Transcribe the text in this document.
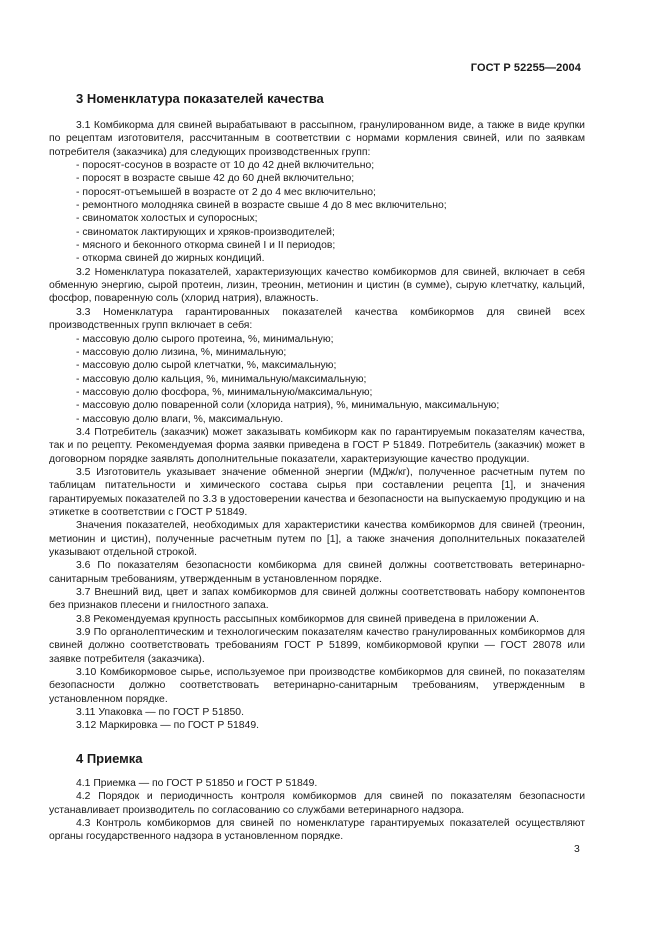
ГОСТ Р 52255—2004
3 Номенклатура показателей качества

3.1 Комбикорма для свиней вырабатывают в рассыпном, гранулированном виде, а также в виде крупки по рецептам изготовителя, рассчитанным в соответствии с нормами кормления свиней, или по заявкам потребителя (заказчика) для следующих производственных групп:

- поросят-сосунов в возрасте от 10 до 42 дней включительно;

- поросят в возрасте свыше 42 до 60 дней включительно;

- поросят-отъемышей в возрасте от 2 до 4 мес включительно;

- ремонтного молодняка свиней в возрасте свыше 4 до 8 мес включительно;

- свиноматок холостых и супоросных;

- свиноматок лактирующих и хряков-производителей;

- мясного и беконного откорма свиней I и II периодов;

- откорма свиней до жирных кондиций.

3.2 Номенклатура показателей, характеризующих качество комбикормов для свиней, включает в себя обменную энергию, сырой протеин, лизин, треонин, метионин и цистин (в сумме), сырую клетчатку, кальций, фосфор, поваренную соль (хлорид натрия), влажность.

3.3 Номенклатура гарантированных показателей качества комбикормов для свиней всех производственных групп включает в себя:

- массовую долю сырого протеина, %, минимальную;

- массовую долю лизина, %, минимальную;

- массовую долю сырой клетчатки, %, максимальную;

- массовую долю кальция, %, минимальную/максимальную;

- массовую долю фосфора, %, минимальную/максимальную;

- массовую долю поваренной соли (хлорида натрия), %, минимальную, максимальную;

- массовую долю влаги, %, максимальную.

3.4 Потребитель (заказчик) может заказывать комбикорм как по гарантируемым показателям качества, так и по рецепту. Рекомендуемая форма заявки приведена в ГОСТ Р 51849. Потребитель (заказчик) может в договорном порядке заявлять дополнительные показатели, характеризующие качество продукции.

3.5 Изготовитель указывает значение обменной энергии (МДж/кг), полученное расчетным путем по таблицам питательности и химического состава сырья при составлении рецепта [1], и значения гарантируемых показателей по 3.3 в удостоверении качества и безопасности на выпускаемую продукцию и на этикетке в соответствии с ГОСТ Р 51849.

Значения показателей, необходимых для характеристики качества комбикормов для свиней (треонин, метионин и цистин), полученные расчетным путем по [1], а также значения дополнительных показателей указывают отдельной строкой.

3.6 По показателям безопасности комбикорма для свиней должны соответствовать ветеринарно-санитарным требованиям, утвержденным в установленном порядке.

3.7 Внешний вид, цвет и запах комбикормов для свиней должны соответствовать набору компонентов без признаков плесени и гнилостного запаха.

3.8 Рекомендуемая крупность рассыпных комбикормов для свиней приведена в приложении А.

3.9 По органолептическим и технологическим показателям качество гранулированных комбикормов для свиней должно соответствовать требованиям ГОСТ Р 51899, комбикормовой крупки — ГОСТ 28078 или заявке потребителя (заказчика).

3.10 Комбикормовое сырье, используемое при производстве комбикормов для свиней, по показателям безопасности должно соответствовать ветеринарно-санитарным требованиям, утвержденным в установленном порядке.

3.11 Упаковка — по ГОСТ Р 51850.

3.12 Маркировка — по ГОСТ Р 51849.

4 Приемка

4.1 Приемка — по ГОСТ Р 51850 и ГОСТ Р 51849.

4.2 Порядок и периодичность контроля комбикормов для свиней по показателям безопасности устанавливает производитель по согласованию со службами ветеринарного надзора.

4.3 Контроль комбикормов для свиней по номенклатуре гарантируемых показателей осуществляют органы государственного надзора в установленном порядке.

3
